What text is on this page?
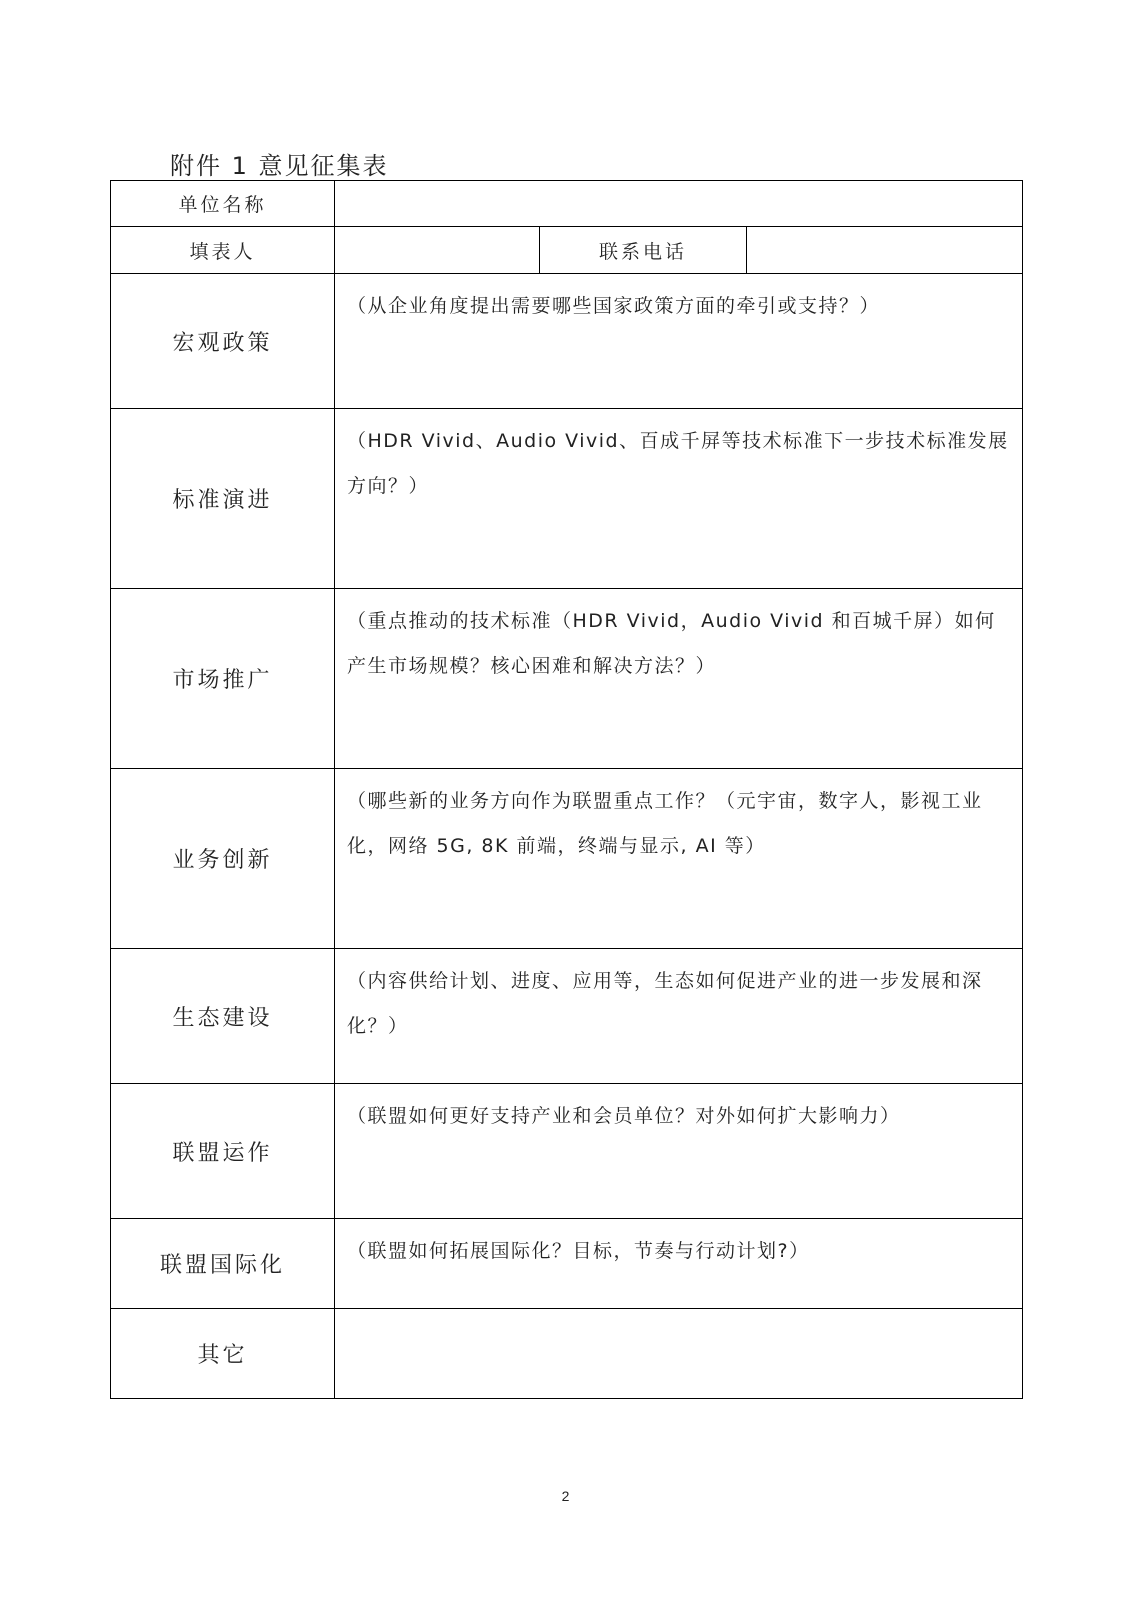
附件 1 意见征集表
单位名称			
填表人		联系电话	
宏观政策	（从企业角度提出需要哪些国家政策方面的牵引或支持？）		

标准演进	（HDR Vivid、Audio Vivid、百成千屏等技术标准下一步技术标准发展方向？）		

市场推广	（重点推动的技术标准（HDR Vivid，Audio Vivid 和百城千屏）如何产生市场规模？核心困难和解决方法？）		

业务创新	（哪些新的业务方向作为联盟重点工作？（元宇宙，数字人，影视工业化，网络 5G, 8K 前端，终端与显示, AI 等）		

生态建设	（内容供给计划、进度、应用等，生态如何促进产业的进一步发展和深化？）		

联盟运作	（联盟如何更好支持产业和会员单位？对外如何扩大影响力）		

联盟国际化	（联盟如何拓展国际化？目标，节奏与行动计划?）		

其它			
2
